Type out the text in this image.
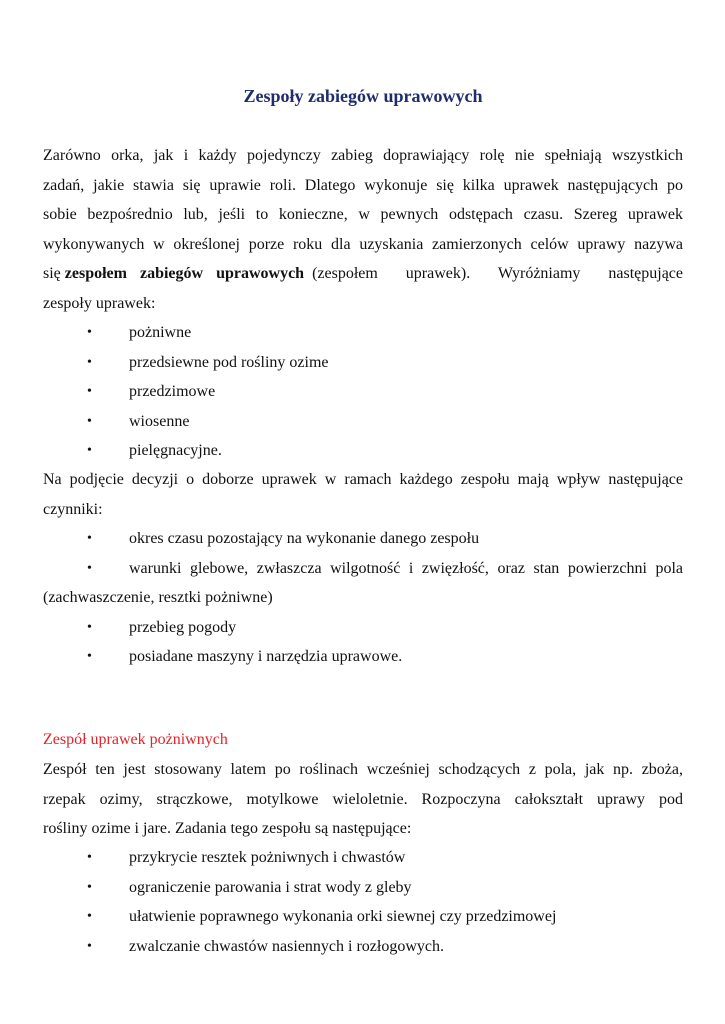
Zespoły zabiegów uprawowych
Zarówno orka, jak i każdy pojedynczy zabieg doprawiający rolę nie spełniają wszystkich
zadań, jakie stawia się uprawie roli. Dlatego wykonuje się kilka uprawek następujących po
sobie bezpośrednio lub, jeśli to konieczne, w pewnych odstępach czasu. Szereg uprawek
wykonywanych w określonej porze roku dla uzyskania zamierzonych celów uprawy nazywa
się zespołem zabiegów uprawowych (zespołem uprawek). Wyróżniamy następujące
zespoły uprawek:
• pożniwne
• przedsiewne pod rośliny ozime
• przedzimowe
• wiosenne
• pielęgnacyjne.
Na podjęcie decyzji o doborze uprawek w ramach każdego zespołu mają wpływ następujące
czynniki:
• okres czasu pozostający na wykonanie danego zespołu
•	warunki glebowe, zwłaszcza wilgotność i zwięzłość, oraz stan powierzchni pola
(zachwaszczenie, resztki pożniwne)
• przebieg pogody
• posiadane maszyny i narzędzia uprawowe.
Zespół uprawek pożniwnych
Zespół ten jest stosowany latem po roślinach wcześniej schodzących z pola, jak np. zboża,
rzepak ozimy, strączkowe, motylkowe wieloletnie. Rozpoczyna całokształt uprawy pod
rośliny ozime i jare. Zadania tego zespołu są następujące:
• przykrycie resztek pożniwnych i chwastów
• ograniczenie parowania i strat wody z gleby
• ułatwienie poprawnego wykonania orki siewnej czy przedzimowej
• zwalczanie chwastów nasiennych i rozłogowych.
